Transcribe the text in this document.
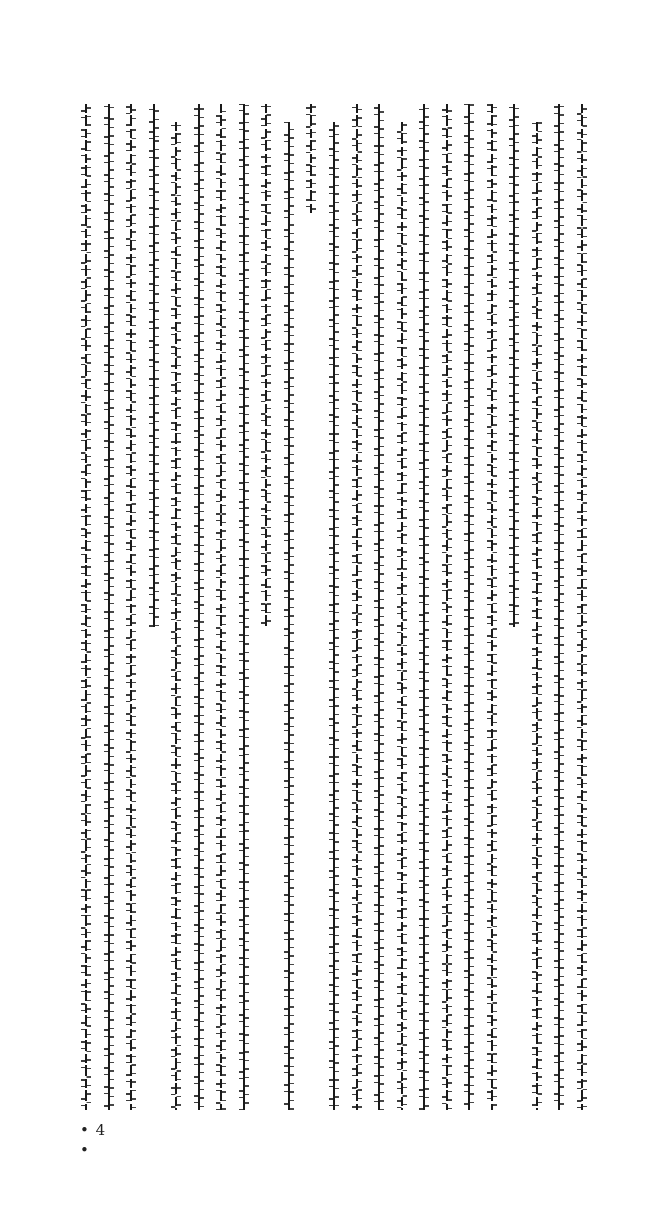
• 4 •
